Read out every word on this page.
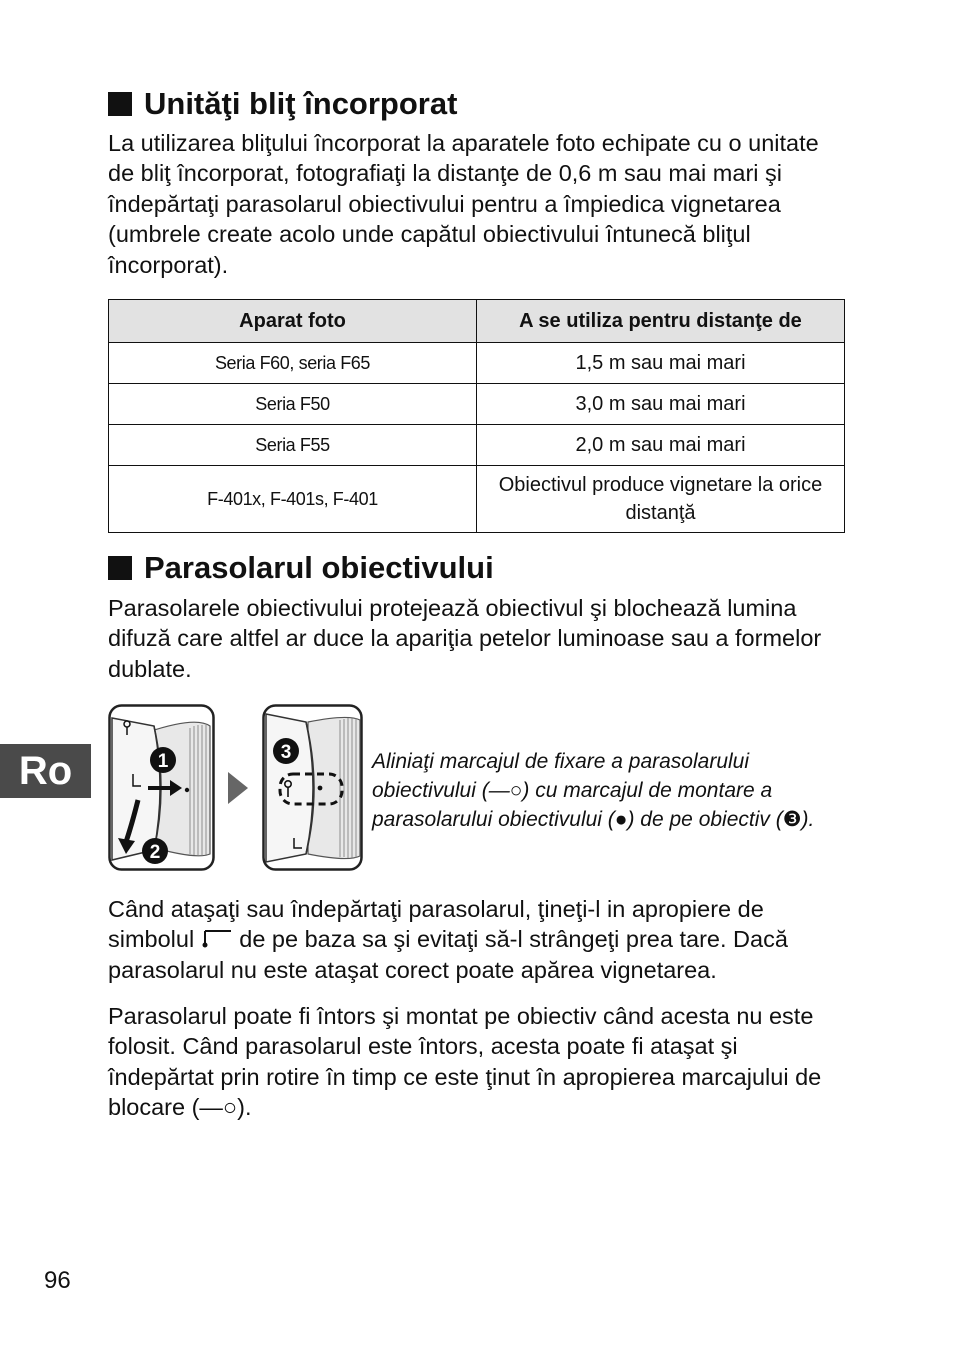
Unităţi bliţ încorporat

La utilizarea bliţului încorporat la aparatele foto echipate cu o unitate de bliţ încorporat, fotografiaţi la distanţe de 0,6 m sau mai mari şi îndepărtaţi parasolarul obiectivului pentru a împiedica vignetarea (umbrele create acolo unde capătul obiectivului întunecă bliţul încorporat).

Aparat foto	A se utiliza pentru distanţe de
Seria F60, seria F65	1,5 m sau mai mari
Seria F50	3,0 m sau mai mari
Seria F55	2,0 m sau mai mari
F-401x, F-401s, F-401	Obiectivul produce vignetare la orice distanţă
Parasolarul obiectivului

Parasolarele obiectivului protejează obiectivul şi blochează lumina difuză care altfel ar duce la apariţia petelor luminoase sau a formelor dublate.

Ro	1
2
3	Aliniaţi marcajul de fixare a parasolarului obiectivului (—○) cu marcajul de montare a parasolarului obiectivului (●) de pe obiectiv (❸).

Când ataşaţi sau îndepărtaţi parasolarul, ţineţi-l in apropiere de simbolul de pe baza sa şi evitaţi să-l strângeţi prea tare. Dacă parasolarul nu este ataşat corect poate apărea vignetarea.

Parasolarul poate fi întors şi montat pe obiectiv când acesta nu este folosit. Când parasolarul este întors, acesta poate fi ataşat şi îndepărtat prin rotire în timp ce este ţinut în apropierea marcajului de blocare (—○).

96
